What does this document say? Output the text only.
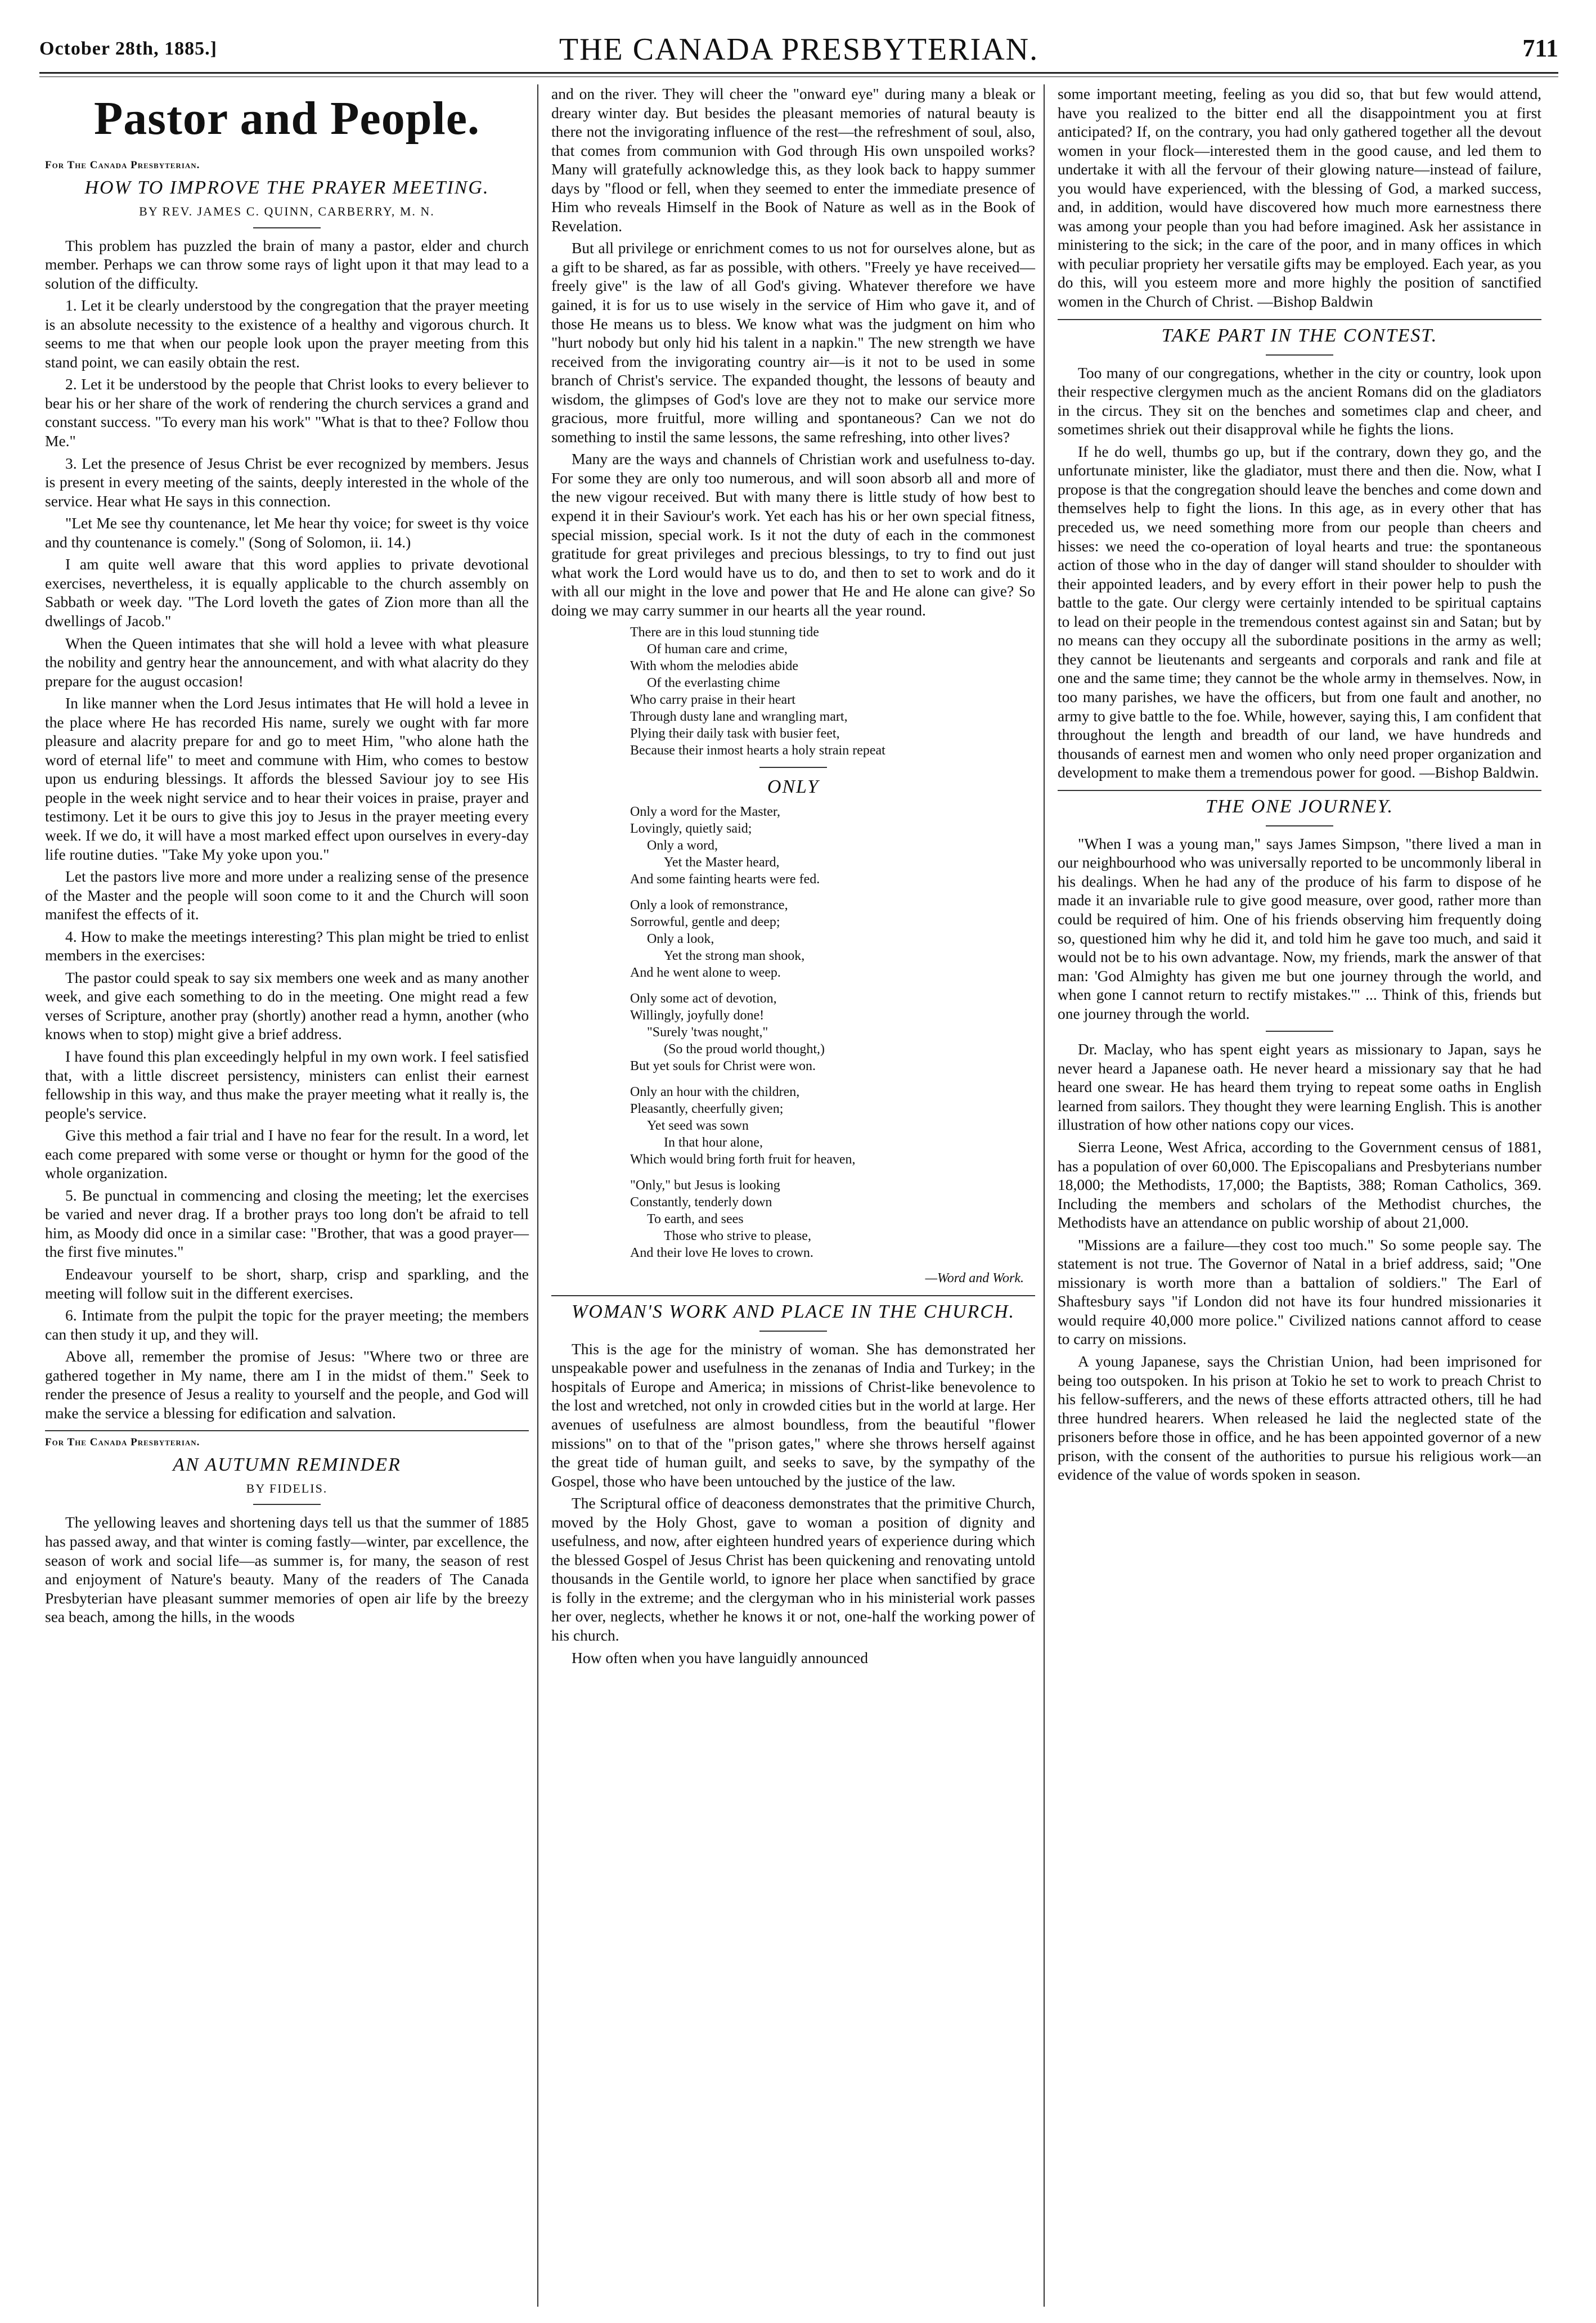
October 28th, 1885.]	THE CANADA PRESBYTERIAN.	711
Pastor and People.
For The Canada Presbyterian.
HOW TO IMPROVE THE PRAYER MEETING.
BY REV. JAMES C. QUINN, CARBERRY, M. N.

This problem has puzzled the brain of many a pastor, elder and church member. Perhaps we can throw some rays of light upon it that may lead to a solution of the difficulty.

1. Let it be clearly understood by the congregation that the prayer meeting is an absolute necessity to the existence of a healthy and vigorous church. It seems to me that when our people look upon the prayer meeting from this stand point, we can easily obtain the rest.

2. Let it be understood by the people that Christ looks to every believer to bear his or her share of the work of rendering the church services a grand and constant success. "To every man his work" "What is that to thee? Follow thou Me."

3. Let the presence of Jesus Christ be ever recognized by members. Jesus is present in every meeting of the saints, deeply interested in the whole of the service. Hear what He says in this connection.

"Let Me see thy countenance, let Me hear thy voice; for sweet is thy voice and thy countenance is comely." (Song of Solomon, ii. 14.)

I am quite well aware that this word applies to private devotional exercises, nevertheless, it is equally applicable to the church assembly on Sabbath or week day. "The Lord loveth the gates of Zion more than all the dwellings of Jacob."

When the Queen intimates that she will hold a levee with what pleasure the nobility and gentry hear the announcement, and with what alacrity do they prepare for the august occasion!

In like manner when the Lord Jesus intimates that He will hold a levee in the place where He has recorded His name, surely we ought with far more pleasure and alacrity prepare for and go to meet Him, "who alone hath the word of eternal life" to meet and commune with Him, who comes to bestow upon us enduring blessings. It affords the blessed Saviour joy to see His people in the week night service and to hear their voices in praise, prayer and testimony. Let it be ours to give this joy to Jesus in the prayer meeting every week. If we do, it will have a most marked effect upon ourselves in every-day life routine duties. "Take My yoke upon you."

Let the pastors live more and more under a realizing sense of the presence of the Master and the people will soon come to it and the Church will soon manifest the effects of it.

4. How to make the meetings interesting? This plan might be tried to enlist members in the exercises:

The pastor could speak to say six members one week and as many another week, and give each something to do in the meeting. One might read a few verses of Scripture, another pray (shortly) another read a hymn, another (who knows when to stop) might give a brief address.

I have found this plan exceedingly helpful in my own work. I feel satisfied that, with a little discreet persistency, ministers can enlist their earnest fellowship in this way, and thus make the prayer meeting what it really is, the people's service.

Give this method a fair trial and I have no fear for the result. In a word, let each come prepared with some verse or thought or hymn for the good of the whole organization.

5. Be punctual in commencing and closing the meeting; let the exercises be varied and never drag. If a brother prays too long don't be afraid to tell him, as Moody did once in a similar case: "Brother, that was a good prayer—the first five minutes."

Endeavour yourself to be short, sharp, crisp and sparkling, and the meeting will follow suit in the different exercises.

6. Intimate from the pulpit the topic for the prayer meeting; the members can then study it up, and they will.

Above all, remember the promise of Jesus: "Where two or three are gathered together in My name, there am I in the midst of them." Seek to render the presence of Jesus a reality to yourself and the people, and God will make the service a blessing for edification and salvation.

For The Canada Presbyterian.
AN AUTUMN REMINDER
BY FIDELIS.

The yellowing leaves and shortening days tell us that the summer of 1885 has passed away, and that winter is coming fastly—winter, par excellence, the season of work and social life—as summer is, for many, the season of rest and enjoyment of Nature's beauty. Many of the readers of The Canada Presbyterian have pleasant summer memories of open air life by the breezy sea beach, among the hills, in the woods

and on the river. They will cheer the "onward eye" during many a bleak or dreary winter day. But besides the pleasant memories of natural beauty is there not the invigorating influence of the rest—the refreshment of soul, also, that comes from communion with God through His own unspoiled works? Many will gratefully acknowledge this, as they look back to happy summer days by "flood or fell, when they seemed to enter the immediate presence of Him who reveals Himself in the Book of Nature as well as in the Book of Revelation.

But all privilege or enrichment comes to us not for ourselves alone, but as a gift to be shared, as far as possible, with others. "Freely ye have received—freely give" is the law of all God's giving. Whatever therefore we have gained, it is for us to use wisely in the service of Him who gave it, and of those He means us to bless. We know what was the judgment on him who "hurt nobody but only hid his talent in a napkin." The new strength we have received from the invigorating country air—is it not to be used in some branch of Christ's service. The expanded thought, the lessons of beauty and wisdom, the glimpses of God's love are they not to make our service more gracious, more fruitful, more willing and spontaneous? Can we not do something to instil the same lessons, the same refreshing, into other lives?

Many are the ways and channels of Christian work and usefulness to-day. For some they are only too numerous, and will soon absorb all and more of the new vigour received. But with many there is little study of how best to expend it in their Saviour's work. Yet each has his or her own special fitness, special mission, special work. Is it not the duty of each in the commonest gratitude for great privileges and precious blessings, to try to find out just what work the Lord would have us to do, and then to set to work and do it with all our might in the love and power that He and He alone can give? So doing we may carry summer in our hearts all the year round.

There are in this loud stunning tide
Of human care and crime,
With whom the melodies abide
Of the everlasting chime
Who carry praise in their heart
Through dusty lane and wrangling mart,
Plying their daily task with busier feet,
Because their inmost hearts a holy strain repeat
ONLY
Only a word for the Master,
Lovingly, quietly said;
Only a word,
Yet the Master heard,
And some fainting hearts were fed.
Only a look of remonstrance,
Sorrowful, gentle and deep;
Only a look,
Yet the strong man shook,
And he went alone to weep.
Only some act of devotion,
Willingly, joyfully done!
"Surely 'twas nought,"
(So the proud world thought,)
But yet souls for Christ were won.
Only an hour with the children,
Pleasantly, cheerfully given;
Yet seed was sown
In that hour alone,
Which would bring forth fruit for heaven,
"Only," but Jesus is looking
Constantly, tenderly down
To earth, and sees
Those who strive to please,
And their love He loves to crown.
—Word and Work.
WOMAN'S WORK AND PLACE IN THE CHURCH.

This is the age for the ministry of woman. She has demonstrated her unspeakable power and usefulness in the zenanas of India and Turkey; in the hospitals of Europe and America; in missions of Christ-like benevolence to the lost and wretched, not only in crowded cities but in the world at large. Her avenues of usefulness are almost boundless, from the beautiful "flower missions" on to that of the "prison gates," where she throws herself against the great tide of human guilt, and seeks to save, by the sympathy of the Gospel, those who have been untouched by the justice of the law.

The Scriptural office of deaconess demonstrates that the primitive Church, moved by the Holy Ghost, gave to woman a position of dignity and usefulness, and now, after eighteen hundred years of experience during which the blessed Gospel of Jesus Christ has been quickening and renovating untold thousands in the Gentile world, to ignore her place when sanctified by grace is folly in the extreme; and the clergyman who in his ministerial work passes her over, neglects, whether he knows it or not, one-half the working power of his church.

How often when you have languidly announced

some important meeting, feeling as you did so, that but few would attend, have you realized to the bitter end all the disappointment you at first anticipated? If, on the contrary, you had only gathered together all the devout women in your flock—interested them in the good cause, and led them to undertake it with all the fervour of their glowing nature—instead of failure, you would have experienced, with the blessing of God, a marked success, and, in addition, would have discovered how much more earnestness there was among your people than you had before imagined. Ask her assistance in ministering to the sick; in the care of the poor, and in many offices in which with peculiar propriety her versatile gifts may be employed. Each year, as you do this, will you esteem more and more highly the position of sanctified women in the Church of Christ. —Bishop Baldwin

TAKE PART IN THE CONTEST.

Too many of our congregations, whether in the city or country, look upon their respective clergymen much as the ancient Romans did on the gladiators in the circus. They sit on the benches and sometimes clap and cheer, and sometimes shriek out their disapproval while he fights the lions.

If he do well, thumbs go up, but if the contrary, down they go, and the unfortunate minister, like the gladiator, must there and then die. Now, what I propose is that the congregation should leave the benches and come down and themselves help to fight the lions. In this age, as in every other that has preceded us, we need something more from our people than cheers and hisses: we need the co-operation of loyal hearts and true: the spontaneous action of those who in the day of danger will stand shoulder to shoulder with their appointed leaders, and by every effort in their power help to push the battle to the gate. Our clergy were certainly intended to be spiritual captains to lead on their people in the tremendous contest against sin and Satan; but by no means can they occupy all the subordinate positions in the army as well; they cannot be lieutenants and sergeants and corporals and rank and file at one and the same time; they cannot be the whole army in themselves. Now, in too many parishes, we have the officers, but from one fault and another, no army to give battle to the foe. While, however, saying this, I am confident that throughout the length and breadth of our land, we have hundreds and thousands of earnest men and women who only need proper organization and development to make them a tremendous power for good. —Bishop Baldwin.

THE ONE JOURNEY.

"When I was a young man," says James Simpson, "there lived a man in our neighbourhood who was universally reported to be uncommonly liberal in his dealings. When he had any of the produce of his farm to dispose of he made it an invariable rule to give good measure, over good, rather more than could be required of him. One of his friends observing him frequently doing so, questioned him why he did it, and told him he gave too much, and said it would not be to his own advantage. Now, my friends, mark the answer of that man: 'God Almighty has given me but one journey through the world, and when gone I cannot return to rectify mistakes.'" ... Think of this, friends but one journey through the world.

Dr. Maclay, who has spent eight years as missionary to Japan, says he never heard a Japanese oath. He never heard a missionary say that he had heard one swear. He has heard them trying to repeat some oaths in English learned from sailors. They thought they were learning English. This is another illustration of how other nations copy our vices.

Sierra Leone, West Africa, according to the Government census of 1881, has a population of over 60,000. The Episcopalians and Presbyterians number 18,000; the Methodists, 17,000; the Baptists, 388; Roman Catholics, 369. Including the members and scholars of the Methodist churches, the Methodists have an attendance on public worship of about 21,000.

"Missions are a failure—they cost too much." So some people say. The statement is not true. The Governor of Natal in a brief address, said; "One missionary is worth more than a battalion of soldiers." The Earl of Shaftesbury says "if London did not have its four hundred missionaries it would require 40,000 more police." Civilized nations cannot afford to cease to carry on missions.

A young Japanese, says the Christian Union, had been imprisoned for being too outspoken. In his prison at Tokio he set to work to preach Christ to his fellow-sufferers, and the news of these efforts attracted others, till he had three hundred hearers. When released he laid the neglected state of the prisoners before those in office, and he has been appointed governor of a new prison, with the consent of the authorities to pursue his religious work—an evidence of the value of words spoken in season.
